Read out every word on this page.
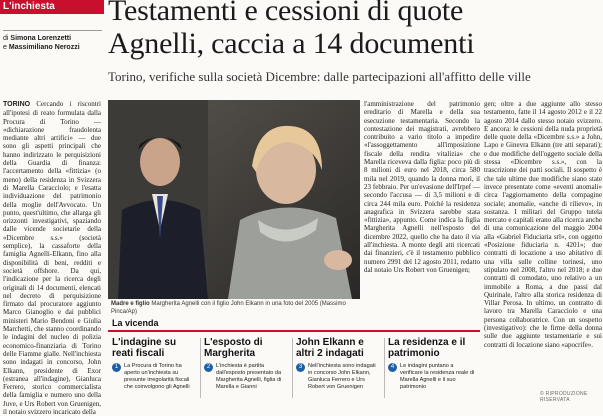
L'inchiesta
di Simona Lorenzetti
e Massimiliano Nerozzi
Testamenti e cessioni di quote
Agnelli, caccia a 14 documenti
Torino, verifiche sulla società Dicembre: dalle partecipazioni all'affitto delle ville
TORINO Cercando i riscontri all'ipotesi di reato formulata dalla Procura di Torino — «dichiarazione fraudolenta mediante altri artifici» — due sono gli aspetti principali che hanno indirizzato le perquisizioni della Guardia di finanza: l'accertamento della «fittizia» (o meno) della residenza in Svizzera di Marella Caracciolo; e l'esatta individuazione del patrimonio della moglie dell'Avvocato. Un punto, quest'ultimo, che allarga gli orizzonti investigativi, spaziando dalle vicende societarie della «Dicembre s.s.» (società semplice), la cassaforte della famiglia Agnelli-Elkann, fino alla disponibilità di beni, redditi e società offshore. Da qui, l'indicazione per la ricerca degli originali di 14 documenti, elencati nel decreto di perquisizione firmato dal procuratore aggiunto Marco Gianoglio e dai pubblici ministeri Mario Bendoni e Giulia Marchetti, che stanno coordinando le indagini del nucleo di polizia economico-finanziaria di Torino delle Fiamme gialle. Nell'inchiesta sono indagati in concorso, John Elkann, presidente di Exor (estranea all'indagine), Gianluca Ferrero, storico commercialista della famiglia e numero uno della Juve, e Urs Robert von Gruenigen, il notaio svizzero incaricato della
Madre e figlio Margherita Agnelli con il figlio John Elkann in una foto del 2005 (Massimo Pinca/Ap)
l'amministrazione del patrimonio ereditario di Marella e della sua esecuzione testamentaria. Secondo la contestazione dei magistrati, avrebbero contribuito a vario titolo a impedire «l'assoggettamento all'imposizione fiscale della rendita vitalizia» che Marella riceveva dalla figlia: poco più di 8 milioni di euro nel 2018, circa 580 mila nel 2019, quando la donna morì, il 23 febbraio. Per un'evasione dell'Irpef — secondo l'accusa — di 3,5 milioni e di circa 244 mila euro. Poiché la residenza anagrafica in Svizzera sarebbe stata «fittizia», appunto. Come indica la figlia Margherita Agnelli nell'esposto del dicembre 2022, quello che ha dato il via all'inchiesta. A monte degli atti ricercati dai finanzieri, c'è il testamento pubblico numero 2991 del 12 agosto 2011, redatto dal notaio Urs Robert von Gruenigen;
gen; oltre a due aggiunte allo stesso testamento, fatte il 14 agosto 2012 e il 22 agosto 2014 dallo stesso notaio svizzero. E ancora: le cessioni della nuda proprietà delle quote della «Dicembre s.s.» a John, Lapo e Ginevra Elkann (tre atti separati); e due modifiche dell'oggetto sociale della stessa «Dicembre s.s.», con la trascrizione dei patti sociali. Il sospetto è che tale ultime due modifiche siano state invece presentate come «eventi anomali» circa l'aggiornamento della compagine sociale; anomalie, «anche di rilievo», in sostanza. I militari del Gruppo tutela mercato e capitali erano alla ricerca anche di una comunicazione del maggio 2004 alla «Gabriel Fiduciaria srl», con oggetto «Posizione fiduciaria n. 4201»; due contratti di locazione a uso abitativo di una villa sulle colline torinesi, uno stipulato nel 2008, l'altro nel 2018; e due contratti di comodato, uno relativo a un immobile a Roma, a due passi dal Quirinale, l'altro alla storica residenza di Villar Perosa. In ultimo, un contratto di lavoro tra Marella Caracciolo e una persona collaboratrice. Con un sospetto (investigativo): che le firme della donna sulle due aggiunte testamentarie e sui contratti di locazione siano «apocrife».
La vicenda
L'indagine su reati fiscali
1	La Procura di Torino ha aperto un'inchiesta su presunte irregolarità fiscali che coinvolgono gli Agnelli
L'esposto di Margherita
2	L'inchiesta è partita dall'esposto presentato da Margherita Agnelli, figlia di Marella e Gianni
John Elkann e altri 2 indagati
3	Nell'inchiesta sono indagati in concorso John Elkann, Gianluca Ferrero e Urs Robert von Gruenigen
La residenza e il patrimonio
4	Le indagini puntano a verificare la residenza reale di Marella Agnelli e il suo patrimonio
© RIPRODUZIONE RISERVATA
